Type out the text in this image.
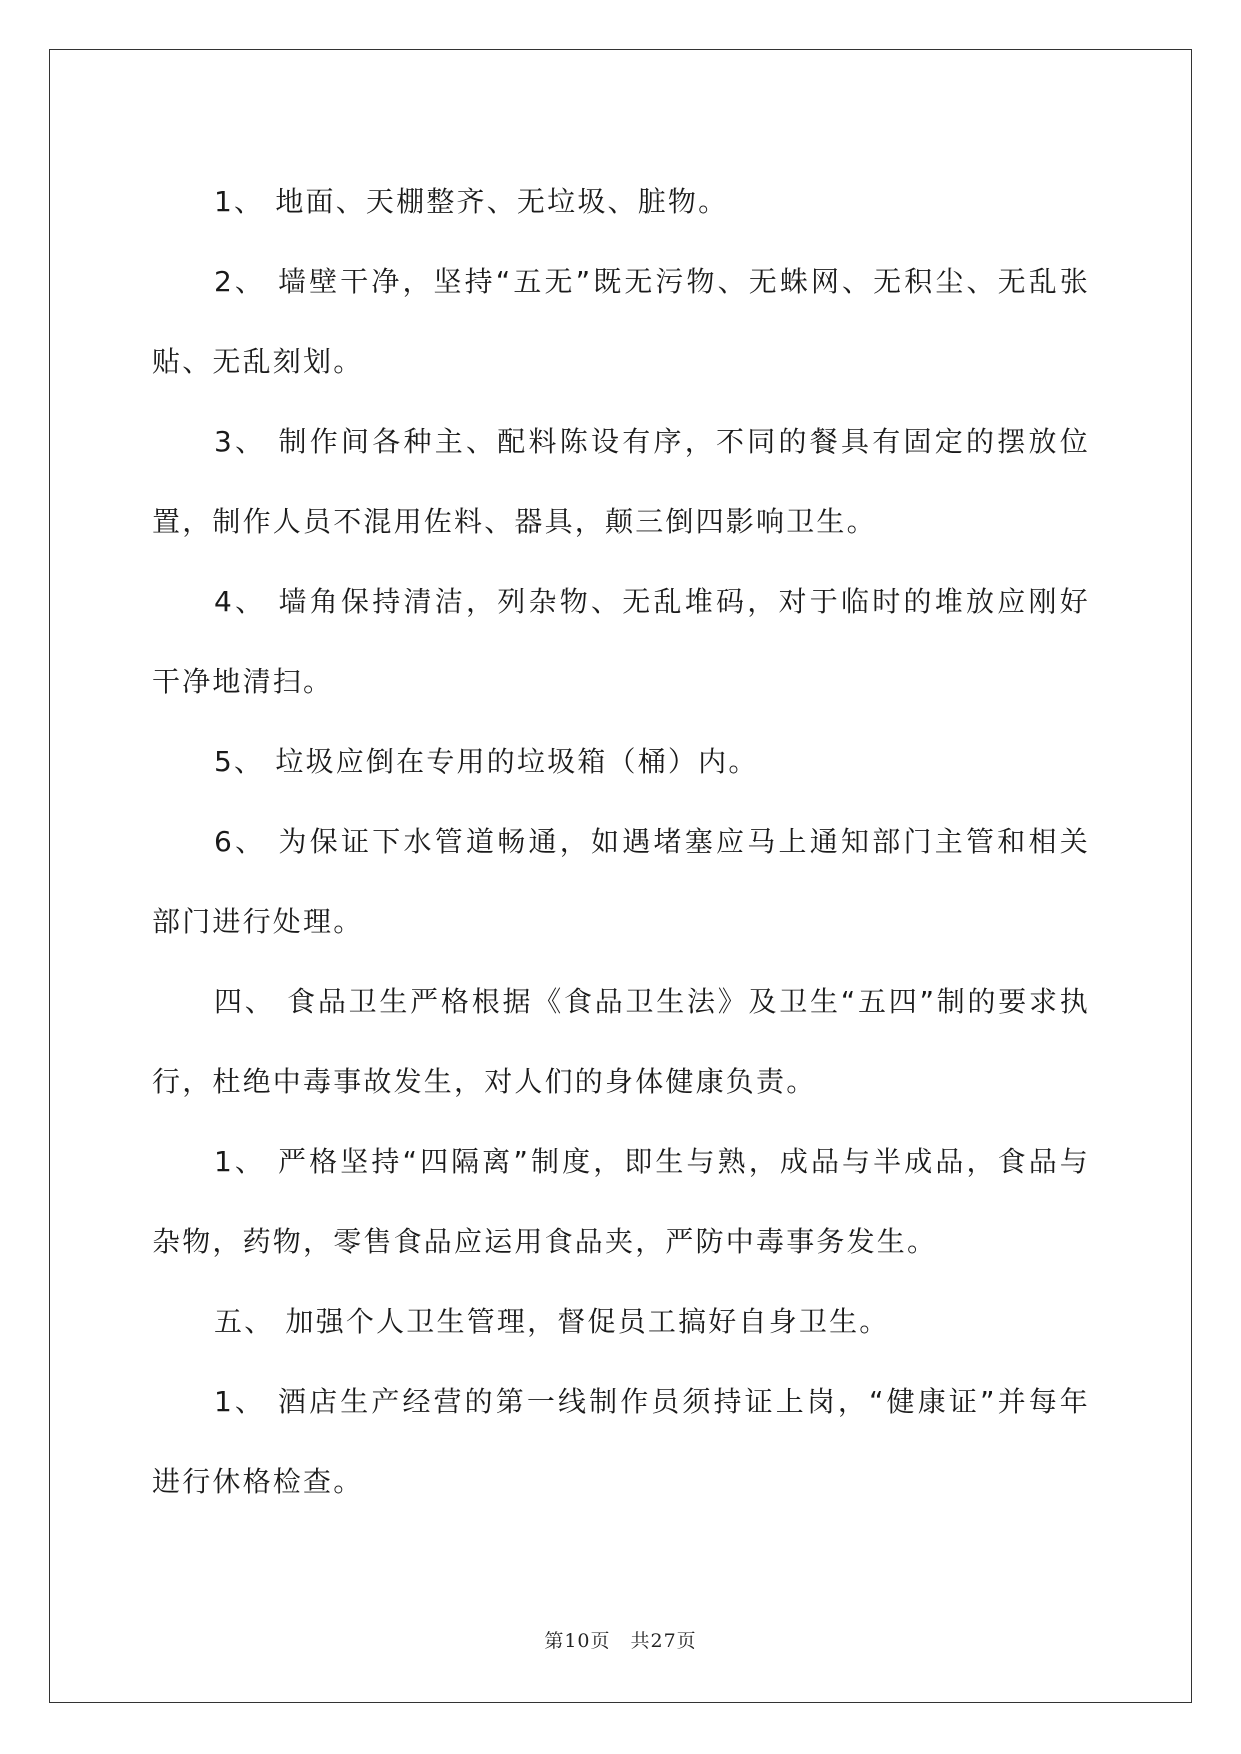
1、 地面、天棚整齐、无垃圾、脏物。

2、 墙壁干净，坚持“五无”既无污物、无蛛网、无积尘、无乱张贴、无乱刻划。

3、 制作间各种主、配料陈设有序，不同的餐具有固定的摆放位置，制作人员不混用佐料、器具，颠三倒四影响卫生。

4、 墙角保持清洁，列杂物、无乱堆码，对于临时的堆放应刚好干净地清扫。

5、 垃圾应倒在专用的垃圾箱（桶）内。

6、 为保证下水管道畅通，如遇堵塞应马上通知部门主管和相关部门进行处理。

四、 食品卫生严格根据《食品卫生法》及卫生“五四”制的要求执行，杜绝中毒事故发生，对人们的身体健康负责。

1、 严格坚持“四隔离”制度，即生与熟，成品与半成品，食品与杂物，药物，零售食品应运用食品夹，严防中毒事务发生。

五、 加强个人卫生管理，督促员工搞好自身卫生。

1、 酒店生产经营的第一线制作员须持证上岗，“健康证”并每年进行休格检查。

第10页　共27页
